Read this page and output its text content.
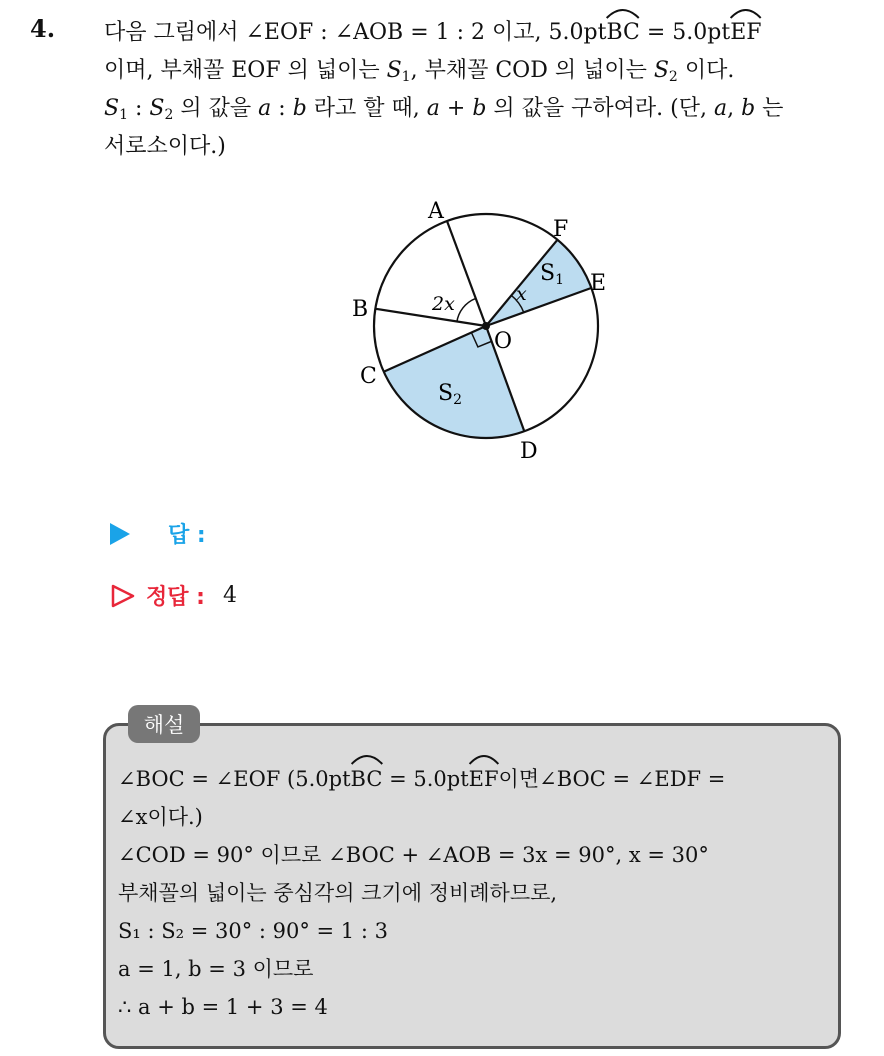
4. 다음 그림에서 ∠EOF : ∠AOB = 1 : 2 이고, 5.0pt
BC = 5.0pt
EF
이며, 부채꼴 EOF 의 넓이는 $S_1$, 부채꼴 COD 의 넓이는 $S_2$ 이다.
$S_1$ : $S_2$ 의 값을 a : b 라고 할 때, a + b 의 값을 구하여라. (단, a, b 는
서로소이다.)
A
B
C
D
E
F
O
2x	x
S1
S2
답 :
정답 : 4
해설
∠BOC = ∠EOF (5.0pt
BC = 5.0pt
EF이면∠BOC = ∠EDF =
∠x이다.)
∠COD = 90° 이므로 ∠BOC + ∠AOB = 3x = 90°, x = 30°
부채꼴의 넓이는 중심각의 크기에 정비례하므로,
S₁ : S₂ = 30° : 90° = 1 : 3
a = 1, b = 3 이므로
∴ a + b = 1 + 3 = 4
